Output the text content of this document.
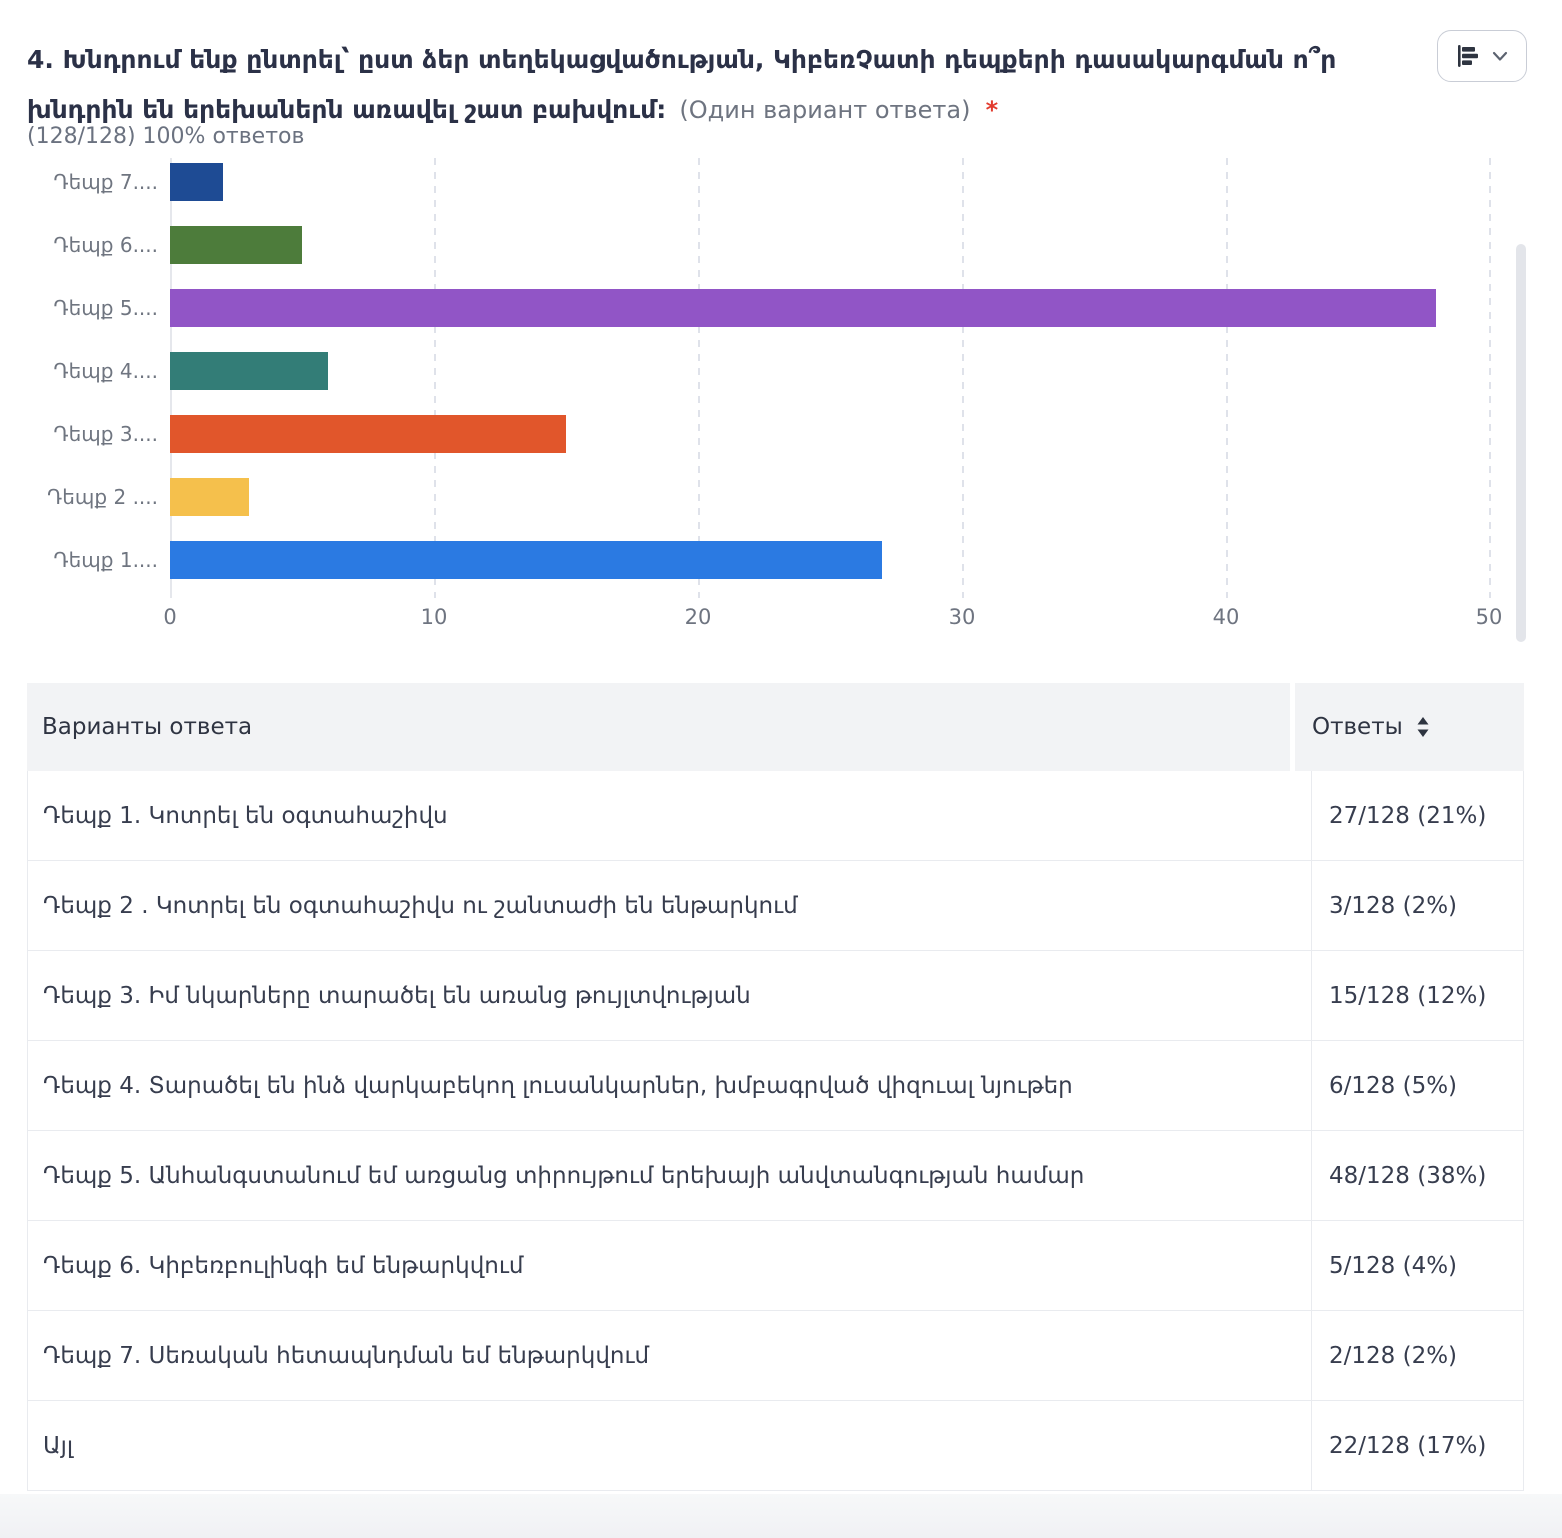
4. Խնդրում ենք ընտրել՝ ըստ ձեր տեղեկացվածության, ԿիբեռՉատի դեպքերի դասակարգման ո՞ր խնդրին են երեխաներն առավել շատ բախվում: (Один вариант ответа) *
(128/128) 100% ответов
Դեպք 7....
Դեպք 6....
Դեպք 5....
Դեպք 4....
Դեպք 3....
Դեպք 2 ....
Դեպք 1....
0	10	20	30	40	50
Варианты ответа	Ответы
Դեպք 1. Կոտրել են օգտահաշիվս	27/128 (21%)
Դեպք 2 . Կոտրել են օգտահաշիվս ու շանտաժի են ենթարկում	3/128 (2%)
Դեպք 3. Իմ նկարները տարածել են առանց թույլտվության	15/128 (12%)
Դեպք 4. Տարածել են ինձ վարկաբեկող լուսանկարներ, խմբագրված վիզուալ նյութեր	6/128 (5%)
Դեպք 5. Անհանգստանում եմ առցանց տիրույթում երեխայի անվտանգության համար	48/128 (38%)
Դեպք 6. Կիբեռբուլինգի եմ ենթարկվում	5/128 (4%)
Դեպք 7. Սեռական հետապնդման եմ ենթարկվում	2/128 (2%)
Այլ	22/128 (17%)
